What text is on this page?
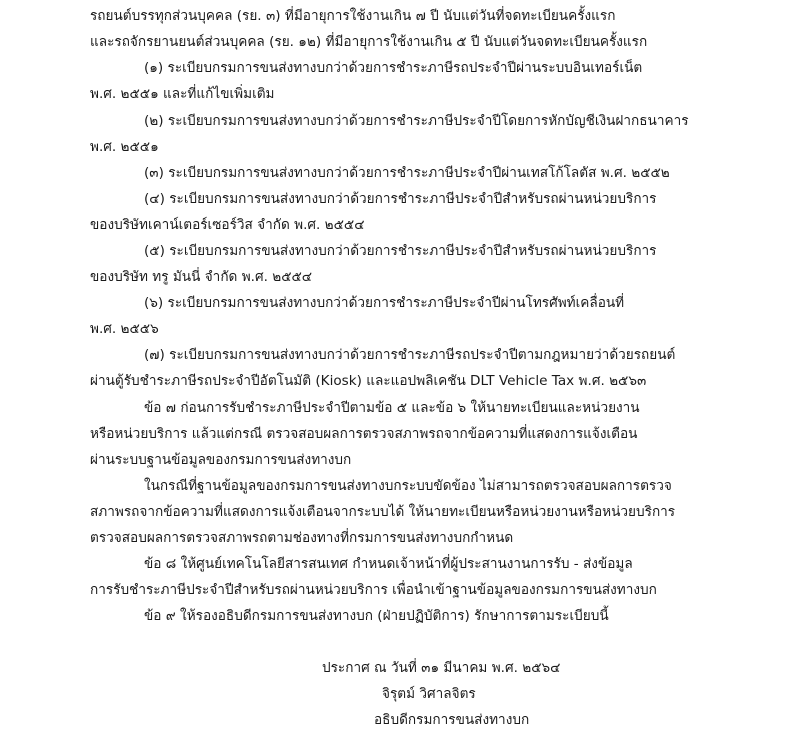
รถยนต์บรรทุกส่วนบุคคล (รย. ๓) ที่มีอายุการใช้งานเกิน ๗ ปี นับแต่วันที่จดทะเบียนครั้งแรก
และรถจักรยานยนต์ส่วนบุคคล (รย. ๑๒) ที่มีอายุการใช้งานเกิน ๕ ปี นับแต่วันจดทะเบียนครั้งแรก
(๑) ระเบียบกรมการขนส่งทางบกว่าด้วยการชำระภาษีรถประจำปีผ่านระบบอินเทอร์เน็ต
พ.ศ. ๒๕๕๑ และที่แก้ไขเพิ่มเติม
(๒) ระเบียบกรมการขนส่งทางบกว่าด้วยการชำระภาษีประจำปีโดยการหักบัญชีเงินฝากธนาคาร
พ.ศ. ๒๕๕๑
(๓) ระเบียบกรมการขนส่งทางบกว่าด้วยการชำระภาษีประจำปีผ่านเทสโก้โลตัส พ.ศ. ๒๕๕๒
(๔) ระเบียบกรมการขนส่งทางบกว่าด้วยการชำระภาษีประจำปีสำหรับรถผ่านหน่วยบริการ
ของบริษัทเคาน์เตอร์เซอร์วิส จำกัด พ.ศ. ๒๕๕๔
(๕) ระเบียบกรมการขนส่งทางบกว่าด้วยการชำระภาษีประจำปีสำหรับรถผ่านหน่วยบริการ
ของบริษัท ทรู มันนี่ จำกัด พ.ศ. ๒๕๕๔
(๖) ระเบียบกรมการขนส่งทางบกว่าด้วยการชำระภาษีประจำปีผ่านโทรศัพท์เคลื่อนที่
พ.ศ. ๒๕๕๖
(๗) ระเบียบกรมการขนส่งทางบกว่าด้วยการชำระภาษีรถประจำปีตามกฎหมายว่าด้วยรถยนต์
ผ่านตู้รับชำระภาษีรถประจำปีอัตโนมัติ (Kiosk) และแอปพลิเคชัน DLT Vehicle Tax พ.ศ. ๒๕๖๓
ข้อ ๗ ก่อนการรับชำระภาษีประจำปีตามข้อ ๕ และข้อ ๖ ให้นายทะเบียนและหน่วยงาน
หรือหน่วยบริการ แล้วแต่กรณี ตรวจสอบผลการตรวจสภาพรถจากข้อความที่แสดงการแจ้งเตือน
ผ่านระบบฐานข้อมูลของกรมการขนส่งทางบก
ในกรณีที่ฐานข้อมูลของกรมการขนส่งทางบกระบบขัดข้อง ไม่สามารถตรวจสอบผลการตรวจ
สภาพรถจากข้อความที่แสดงการแจ้งเตือนจากระบบได้ ให้นายทะเบียนหรือหน่วยงานหรือหน่วยบริการ
ตรวจสอบผลการตรวจสภาพรถตามช่องทางที่กรมการขนส่งทางบกกำหนด
ข้อ ๘ ให้ศูนย์เทคโนโลยีสารสนเทศ กำหนดเจ้าหน้าที่ผู้ประสานงานการรับ - ส่งข้อมูล
การรับชำระภาษีประจำปีสำหรับรถผ่านหน่วยบริการ เพื่อนำเข้าฐานข้อมูลของกรมการขนส่งทางบก
ข้อ ๙ ให้รองอธิบดีกรมการขนส่งทางบก (ฝ่ายปฏิบัติการ) รักษาการตามระเบียบนี้
ประกาศ ณ วันที่ ๓๑ มีนาคม พ.ศ. ๒๕๖๔
จิรุตม์ วิศาลจิตร
อธิบดีกรมการขนส่งทางบก
